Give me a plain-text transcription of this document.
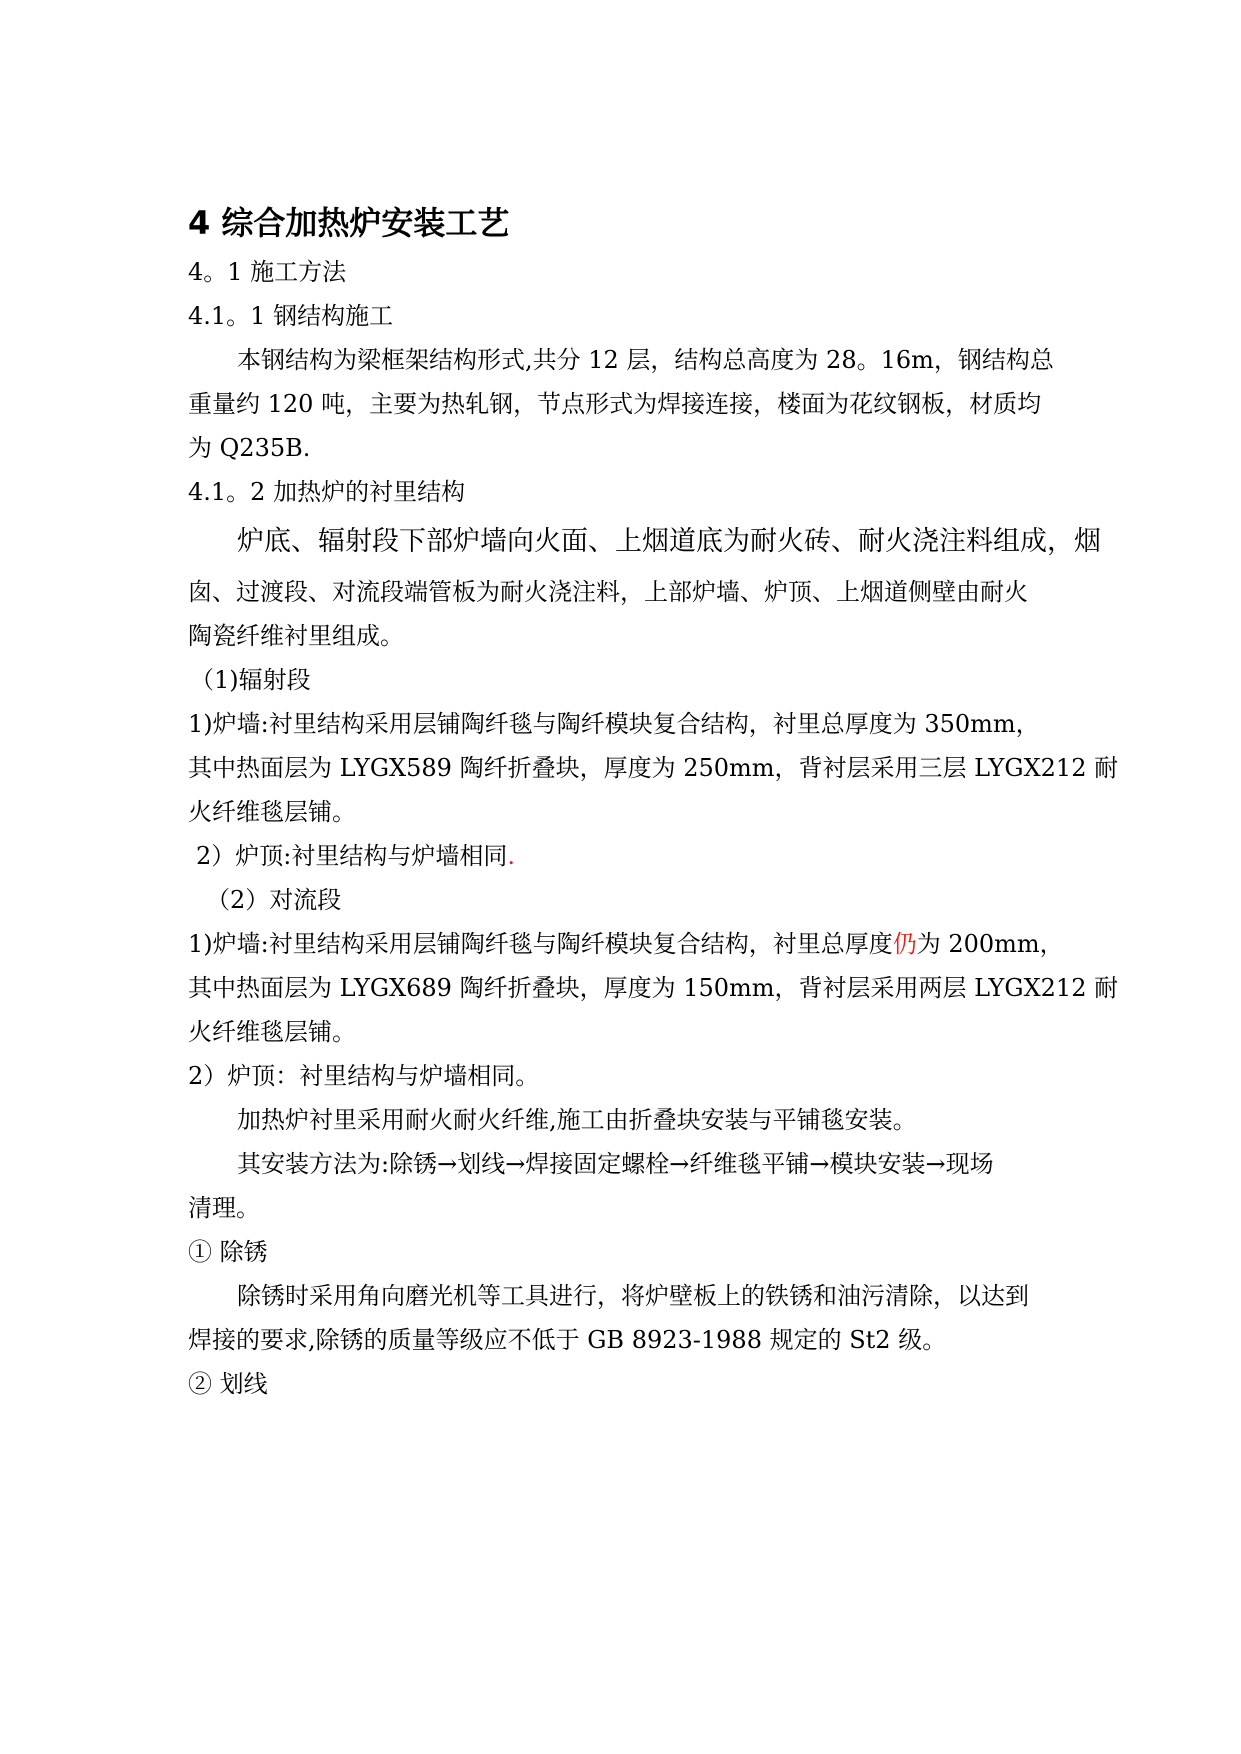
4 综合加热炉安装工艺
4。1 施工方法
4.1。1 钢结构施工
本钢结构为梁框架结构形式,共分 12 层，结构总高度为 28。16m，钢结构总
重量约 120 吨，主要为热轧钢，节点形式为焊接连接，楼面为花纹钢板，材质均
为 Q235B.
4.1。2 加热炉的衬里结构
炉底、辐射段下部炉墙向火面、上烟道底为耐火砖、耐火浇注料组成，烟
囱、过渡段、对流段端管板为耐火浇注料，上部炉墙、炉顶、上烟道侧壁由耐火
陶瓷纤维衬里组成。
（1)辐射段
1)炉墙:衬里结构采用层铺陶纤毯与陶纤模块复合结构，衬里总厚度为 350mm，
其中热面层为 LYGX589 陶纤折叠块，厚度为 250mm，背衬层采用三层 LYGX212 耐
火纤维毯层铺。
2）炉顶:衬里结构与炉墙相同.
（2）对流段
1)炉墙:衬里结构采用层铺陶纤毯与陶纤模块复合结构，衬里总厚度仍为 200mm，
其中热面层为 LYGX689 陶纤折叠块，厚度为 150mm，背衬层采用两层 LYGX212 耐
火纤维毯层铺。
2）炉顶：衬里结构与炉墙相同。
加热炉衬里采用耐火耐火纤维,施工由折叠块安装与平铺毯安装。
其安装方法为:除锈→划线→焊接固定螺栓→纤维毯平铺→模块安装→现场
清理。
① 除锈
除锈时采用角向磨光机等工具进行，将炉壁板上的铁锈和油污清除，以达到
焊接的要求,除锈的质量等级应不低于 GB 8923-1988 规定的 St2 级。
② 划线
